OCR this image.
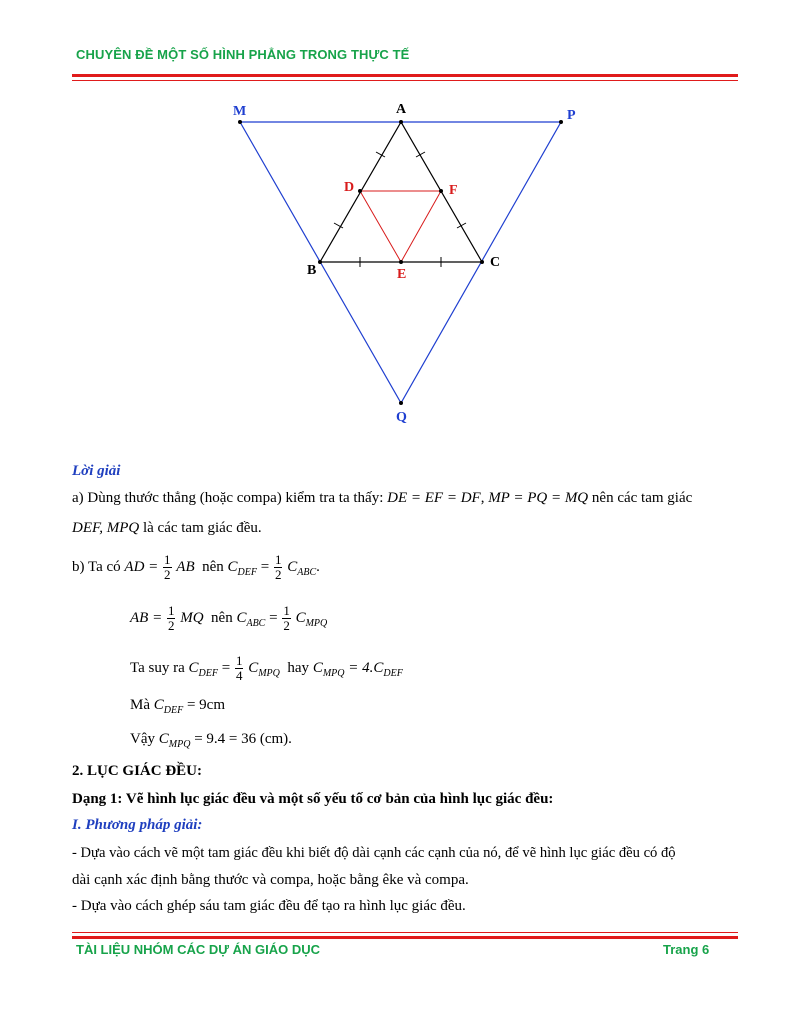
CHUYÊN ĐỀ MỘT SỐ HÌNH PHẲNG TRONG THỰC TẾ
M	A	P
D	F
B	E
C
Q
Lời giải
a) Dùng thước thẳng (hoặc compa) kiểm tra ta thấy: DE = EF = DF, MP = PQ = MQ nên các tam giác
DEF, MPQ là các tam giác đều.
b) Ta có AD = $\frac{1}{2}$ AB nên $C_{DEF} = \frac{1}{2} C_{ABC}$.
AB = $\frac{1}{2}$ MQ nên $C_{ABC} = \frac{1}{2} C_{MPQ}$
Ta suy ra $C_{DEF} = \frac{1}{4} C_{MPQ}$ hay $C_{MPQ} = 4.C_{DEF}$
Mà $C_{DEF} = 9cm$
Vậy $C_{MPQ} = 9.4 = 36$ (cm).
2. LỤC GIÁC ĐỀU:
Dạng 1: Vẽ hình lục giác đều và một số yếu tố cơ bản của hình lục giác đều:
I. Phương pháp giải:
- Dựa vào cách vẽ một tam giác đều khi biết độ dài cạnh các cạnh của nó, để vẽ hình lục giác đều có độ
dài cạnh xác định bằng thước và compa, hoặc bằng êke và compa.
- Dựa vào cách ghép sáu tam giác đều để tạo ra hình lục giác đều.
TÀI LIỆU NHÓM CÁC DỰ ÁN GIÁO DỤC	Trang 6
